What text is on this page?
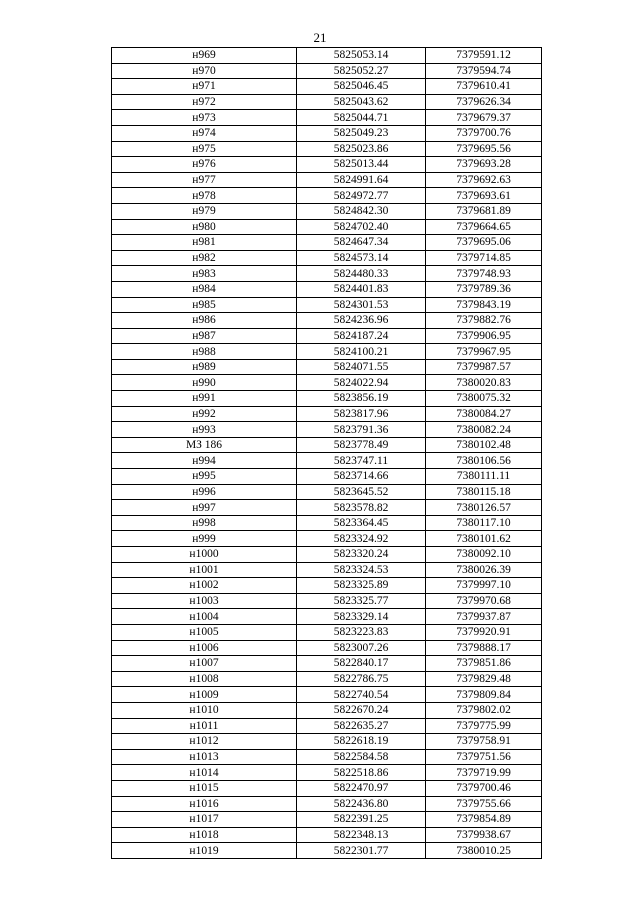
21
н969	5825053.14	7379591.12
н970	5825052.27	7379594.74
н971	5825046.45	7379610.41
н972	5825043.62	7379626.34
н973	5825044.71	7379679.37
н974	5825049.23	7379700.76
н975	5825023.86	7379695.56
н976	5825013.44	7379693.28
н977	5824991.64	7379692.63
н978	5824972.77	7379693.61
н979	5824842.30	7379681.89
н980	5824702.40	7379664.65
н981	5824647.34	7379695.06
н982	5824573.14	7379714.85
н983	5824480.33	7379748.93
н984	5824401.83	7379789.36
н985	5824301.53	7379843.19
н986	5824236.96	7379882.76
н987	5824187.24	7379906.95
н988	5824100.21	7379967.95
н989	5824071.55	7379987.57
н990	5824022.94	7380020.83
н991	5823856.19	7380075.32
н992	5823817.96	7380084.27
н993	5823791.36	7380082.24
МЗ 186	5823778.49	7380102.48
н994	5823747.11	7380106.56
н995	5823714.66	7380111.11
н996	5823645.52	7380115.18
н997	5823578.82	7380126.57
н998	5823364.45	7380117.10
н999	5823324.92	7380101.62
н1000	5823320.24	7380092.10
н1001	5823324.53	7380026.39
н1002	5823325.89	7379997.10
н1003	5823325.77	7379970.68
н1004	5823329.14	7379937.87
н1005	5823223.83	7379920.91
н1006	5823007.26	7379888.17
н1007	5822840.17	7379851.86
н1008	5822786.75	7379829.48
н1009	5822740.54	7379809.84
н1010	5822670.24	7379802.02
н1011	5822635.27	7379775.99
н1012	5822618.19	7379758.91
н1013	5822584.58	7379751.56
н1014	5822518.86	7379719.99
н1015	5822470.97	7379700.46
н1016	5822436.80	7379755.66
н1017	5822391.25	7379854.89
н1018	5822348.13	7379938.67
н1019	5822301.77	7380010.25
